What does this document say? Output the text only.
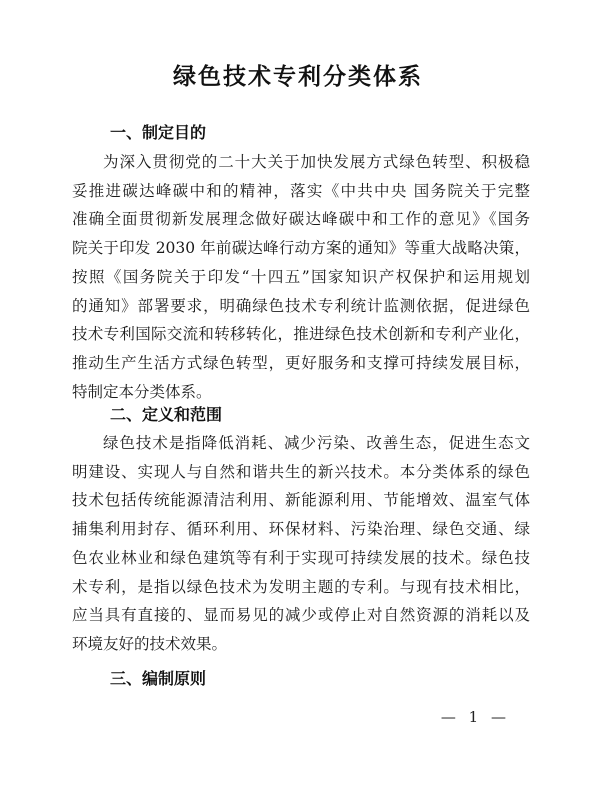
绿色技术专利分类体系
一、制定目的
为深入贯彻党的二十大关于加快发展方式绿色转型、积极稳
妥推进碳达峰碳中和的精神，落实《中共中央 国务院关于完整
准确全面贯彻新发展理念做好碳达峰碳中和工作的意见》《国务
院关于印发 2030 年前碳达峰行动方案的通知》等重大战略决策，
按照《国务院关于印发“十四五”国家知识产权保护和运用规划
的通知》部署要求，明确绿色技术专利统计监测依据，促进绿色
技术专利国际交流和转移转化，推进绿色技术创新和专利产业化，
推动生产生活方式绿色转型，更好服务和支撑可持续发展目标，
特制定本分类体系。
二、定义和范围
绿色技术是指降低消耗、减少污染、改善生态，促进生态文
明建设、实现人与自然和谐共生的新兴技术。本分类体系的绿色
技术包括传统能源清洁利用、新能源利用、节能增效、温室气体
捕集利用封存、循环利用、环保材料、污染治理、绿色交通、绿
色农业林业和绿色建筑等有利于实现可持续发展的技术。绿色技
术专利，是指以绿色技术为发明主题的专利。与现有技术相比，
应当具有直接的、显而易见的减少或停止对自然资源的消耗以及
环境友好的技术效果。
三、编制原则
— 1 —
